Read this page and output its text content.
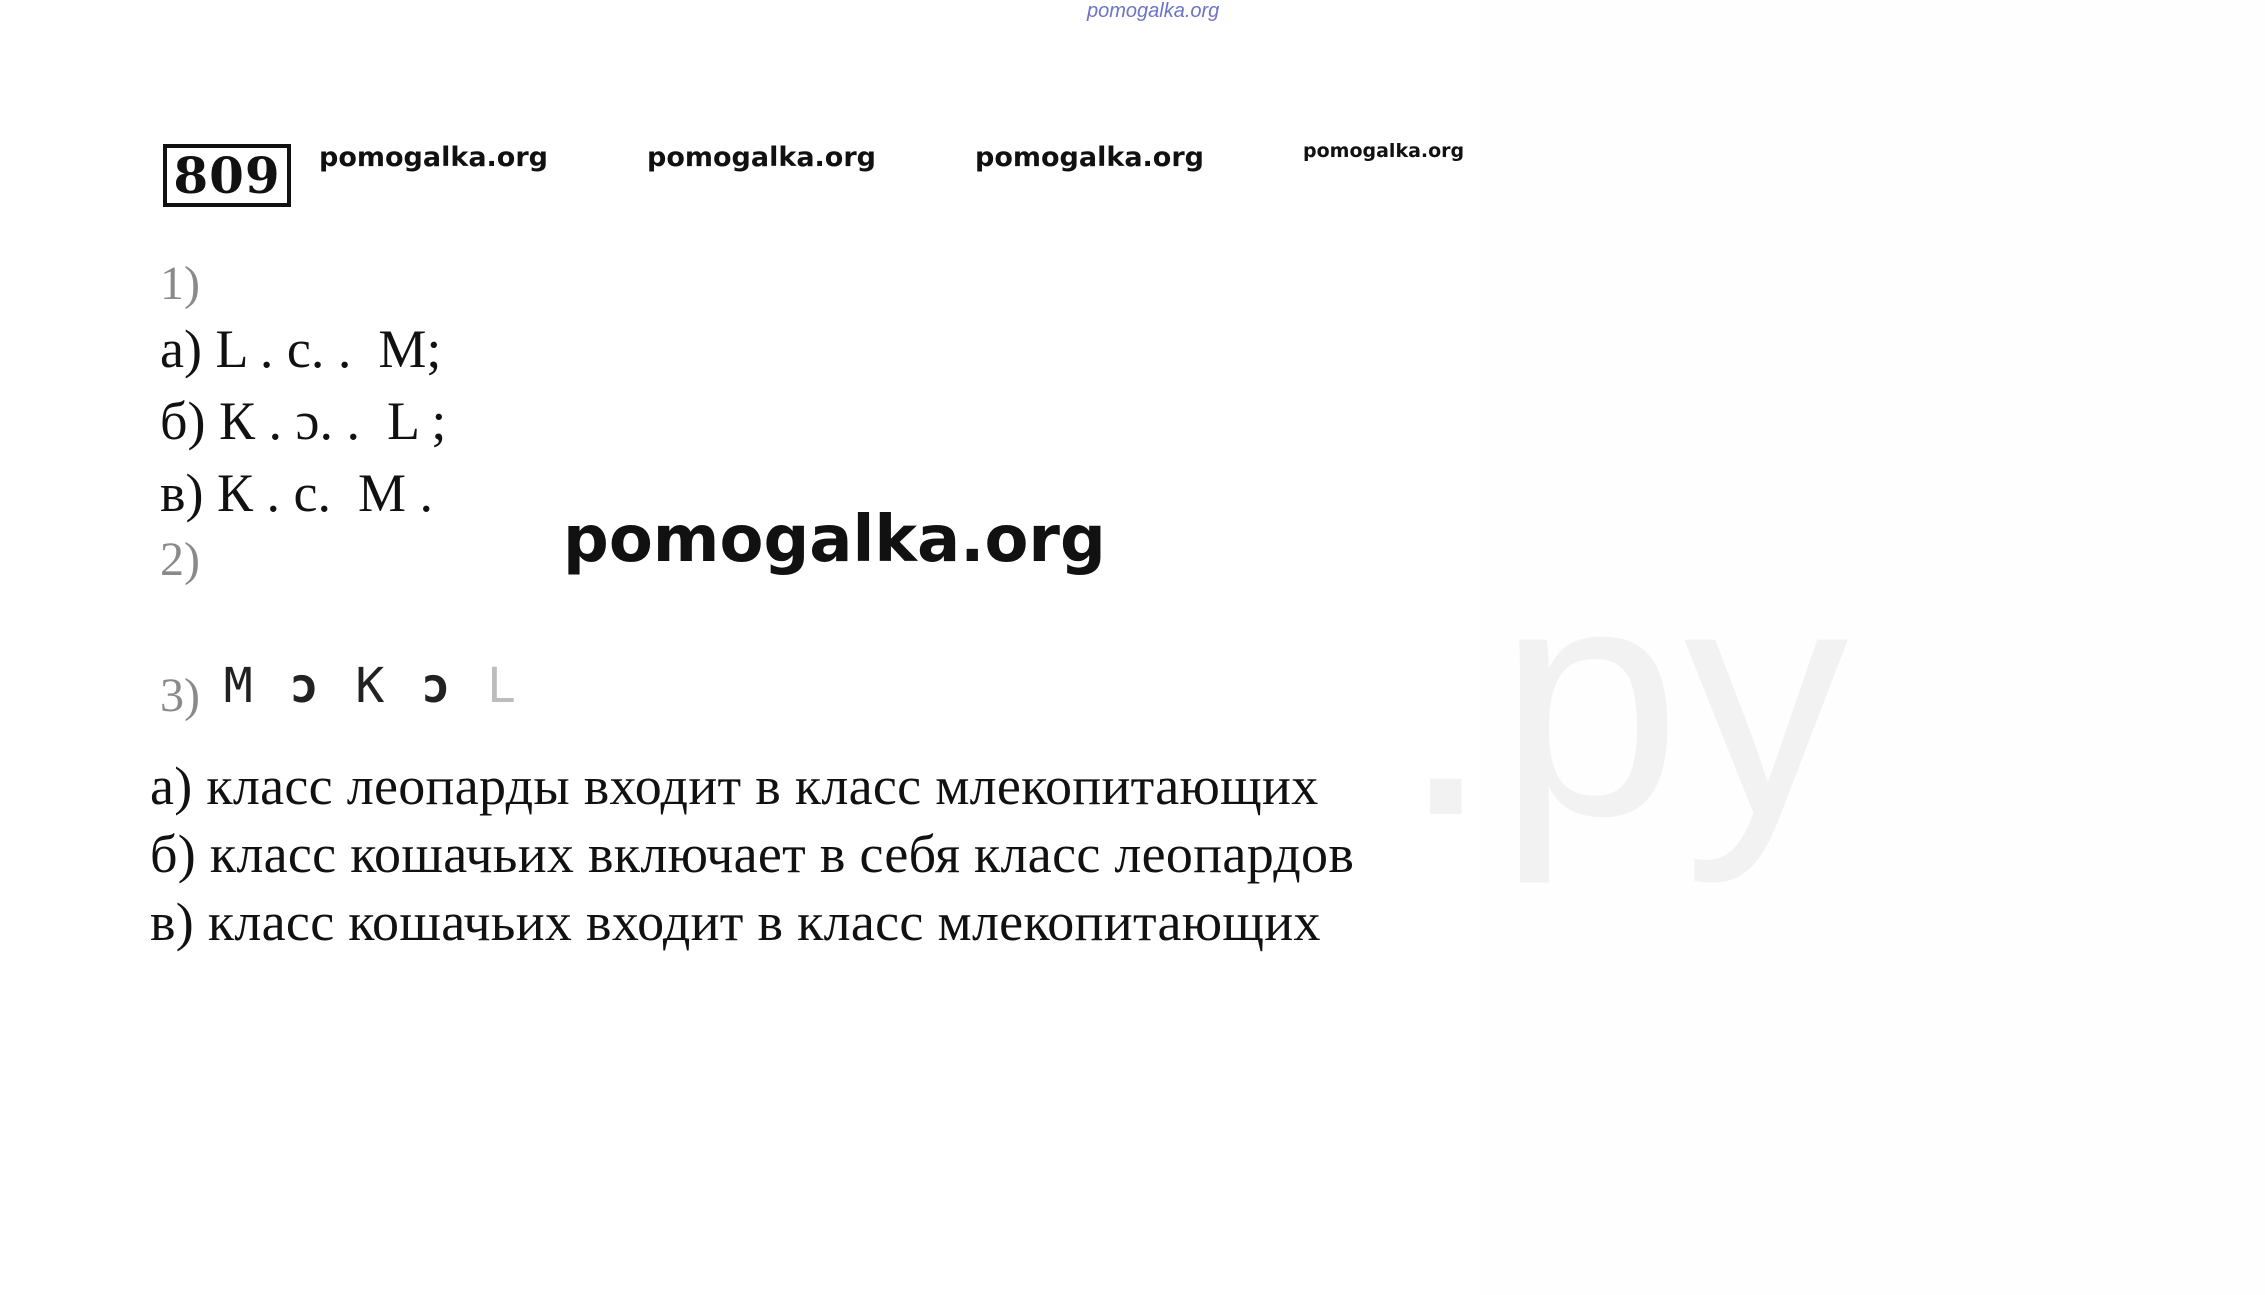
.ру
pomogalka.org
809	pomogalka.org	pomogalka.org	pomogalka.org	pomogalka.org
1)
а) L . с. .  M;
б) К . ɔ. .  L ;
в) К . с.  M .
2)

M ɔ K ɔ L

3)
а) класс леопарды входит в класс млекопитающих
б) класс кошачьих включает в себя класс леопардов
в) класс кошачьих входит в класс млекопитающих
pomogalka.org
